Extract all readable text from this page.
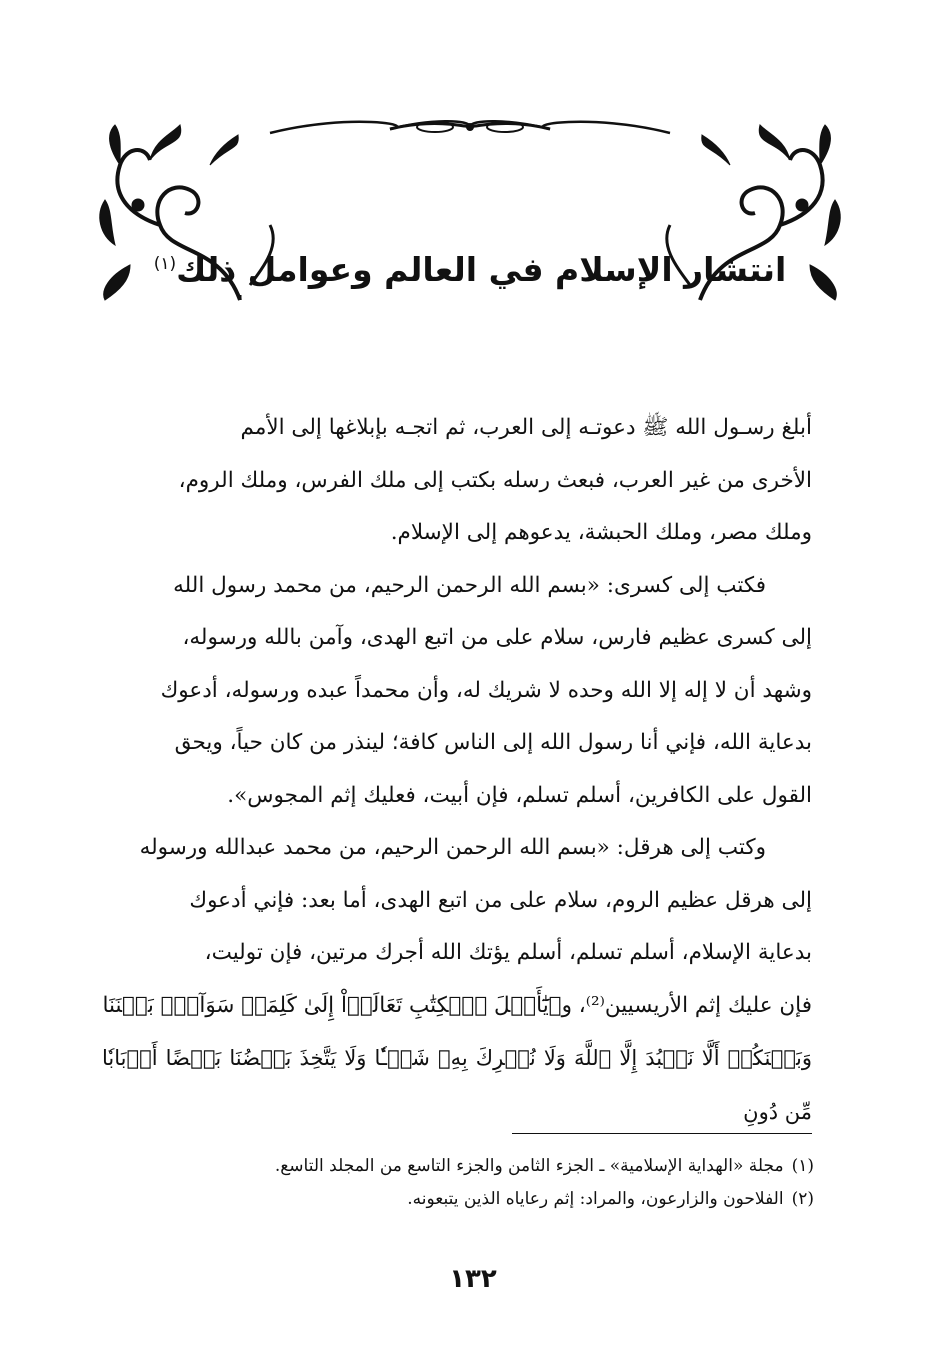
انتشار الإسلام في العالم وعوامل ذلك$^{(١)}$

أبلغ رسـول الله ﷺ دعوتـه إلى العرب، ثم اتجـه بإبلاغها إلى الأمم
الأخرى من غير العرب، فبعث رسله بكتب إلى ملك الفرس، وملك الروم،
وملك مصر، وملك الحبشة، يدعوهم إلى الإسلام.

فكتب إلى كسرى: «بسم الله الرحمن الرحيم، من محمد رسول الله
إلى كسرى عظيم فارس، سلام على من اتبع الهدى، وآمن بالله ورسوله،
وشهد أن لا إله إلا الله وحده لا شريك له، وأن محمداً عبده ورسوله، أدعوك
بدعاية الله، فإني أنا رسول الله إلى الناس كافة؛ لينذر من كان حياً، ويحق
القول على الكافرين، أسلم تسلم، فإن أبيت، فعليك إثم المجوس».

وكتب إلى هرقل: «بسم الله الرحمن الرحيم، من محمد عبدالله ورسوله
إلى هرقل عظيم الروم، سلام على من اتبع الهدى، أما بعد: فإني أدعوك
بدعاية الإسلام، أسلم تسلم، أسلم يؤتك الله أجرك مرتين، فإن توليت،
فإن عليك إثم الأريسيين⁽²⁾، و﴿يَٰٓأَهۡلَ ٱلۡكِتَٰبِ تَعَالَوۡاْ إِلَىٰ كَلِمَةٖ سَوَآءِۭ بَيۡنَنَا
وَبَيۡنَكُمۡ أَلَّا نَعۡبُدَ إِلَّا ٱللَّهَ وَلَا نُشۡرِكَ بِهِۦ شَيۡـٔٗا وَلَا يَتَّخِذَ بَعۡضُنَا بَعۡضًا أَرۡبَابٗا مِّن دُونِ

(١)
مجلة «الهداية الإسلامية» ـ الجزء الثامن والجزء التاسع من المجلد التاسع.
(٢)
الفلاحون والزارعون، والمراد: إثم رعاياه الذين يتبعونه.
١٣٢
